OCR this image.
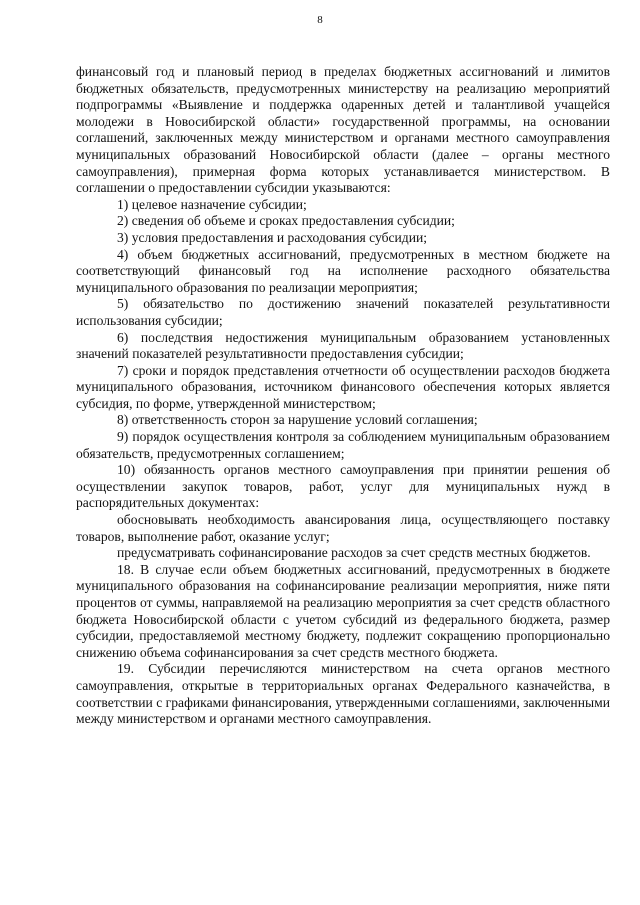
8

финансовый год и плановый период в пределах бюджетных ассигнований и лимитов бюджетных обязательств, предусмотренных министерству на реализацию мероприятий подпрограммы «Выявление и поддержка одаренных детей и талантливой учащейся молодежи в Новосибирской области» государственной программы, на основании соглашений, заключенных между министерством и органами местного самоуправления муниципальных образований Новосибирской области (далее – органы местного самоуправления), примерная форма которых устанавливается министерством. В соглашении о предоставлении субсидии указываются:

1) целевое назначение субсидии;

2) сведения об объеме и сроках предоставления субсидии;

3) условия предоставления и расходования субсидии;

4) объем бюджетных ассигнований, предусмотренных в местном бюджете на соответствующий финансовый год на исполнение расходного обязательства муниципального образования по реализации мероприятия;

5) обязательство по достижению значений показателей результативности использования субсидии;

6) последствия недостижения муниципальным образованием установленных значений показателей результативности предоставления субсидии;

7) сроки и порядок представления отчетности об осуществлении расходов бюджета муниципального образования, источником финансового обеспечения которых является субсидия, по форме, утвержденной министерством;

8) ответственность сторон за нарушение условий соглашения;

9) порядок осуществления контроля за соблюдением муниципальным образованием обязательств, предусмотренных соглашением;

10) обязанность органов местного самоуправления при принятии решения об осуществлении закупок товаров, работ, услуг для муниципальных нужд в распорядительных документах:

обосновывать необходимость авансирования лица, осуществляющего поставку товаров, выполнение работ, оказание услуг;

предусматривать софинансирование расходов за счет средств местных бюджетов.

18. В случае если объем бюджетных ассигнований, предусмотренных в бюджете муниципального образования на софинансирование реализации мероприятия, ниже пяти процентов от суммы, направляемой на реализацию мероприятия за счет средств областного бюджета Новосибирской области с учетом субсидий из федерального бюджета, размер субсидии, предоставляемой местному бюджету, подлежит сокращению пропорционально снижению объема софинансирования за счет средств местного бюджета.

19. Субсидии перечисляются министерством на счета органов местного самоуправления, открытые в территориальных органах Федерального казначейства, в соответствии с графиками финансирования, утвержденными соглашениями, заключенными между министерством и органами местного самоуправления.
